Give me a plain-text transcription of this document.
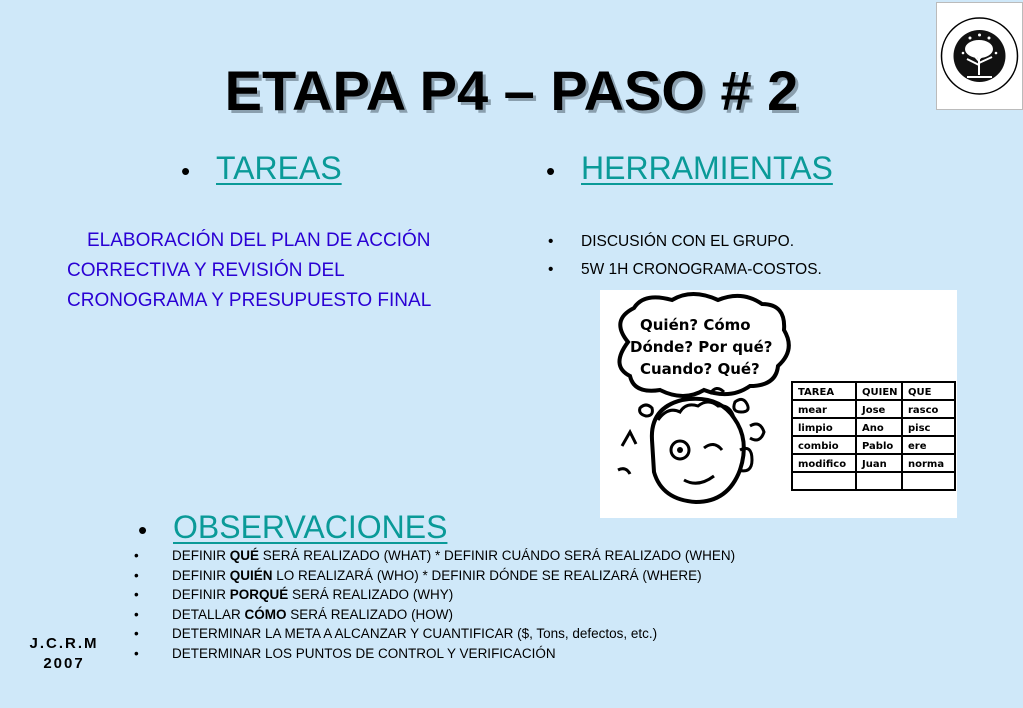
ETAPA P4 – PASO # 2
• TAREAS
ELABORACIÓN DEL PLAN DE ACCIÓN
CORRECTIVA Y REVISIÓN DEL
CRONOGRAMA Y PRESUPUESTO FINAL
• HERRAMIENTAS
• DISCUSIÓN CON EL GRUPO.
• 5W 1H CRONOGRAMA-COSTOS.
Quién? Cómo
Dónde? Por qué?
Cuando? Qué?
TAREA	QUIEN QUE
mear	Jose rasco
limpio	Ano pisc
combio Pablo ere
modifico Juan norma
• OBSERVACIONES
• DEFINIR QUÉ SERÁ REALIZADO (WHAT) * DEFINIR CUÁNDO SERÁ REALIZADO (WHEN)
• DEFINIR QUIÉN LO REALIZARÁ (WHO) * DEFINIR DÓNDE SE REALIZARÁ (WHERE)
• DEFINIR PORQUÉ SERÁ REALIZADO (WHY)
• DETALLAR CÓMO SERÁ REALIZADO (HOW)
• DETERMINAR LA META A ALCANZAR Y CUANTIFICAR ($, Tons, defectos, etc.)
• DETERMINAR LOS PUNTOS DE CONTROL Y VERIFICACIÓN
J.C.R.M
2007
